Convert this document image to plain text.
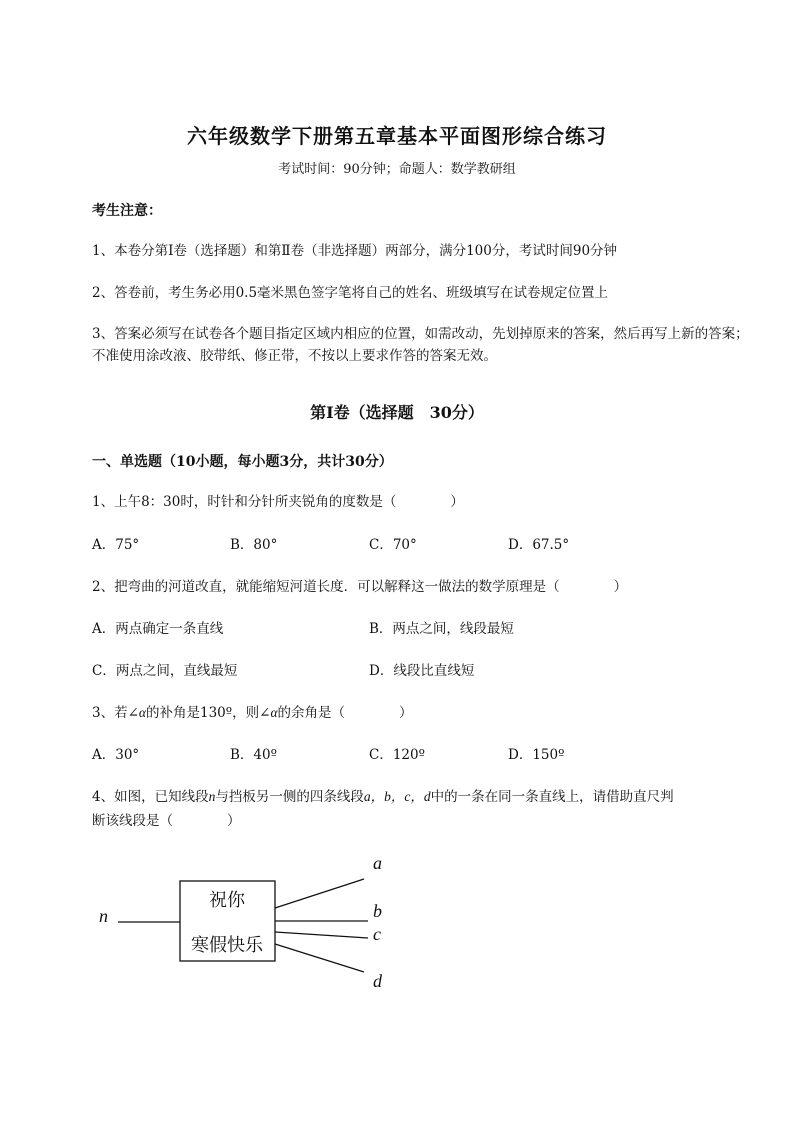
六年级数学下册第五章基本平面图形综合练习
考试时间：90分钟；命题人：数学教研组
考生注意：
1、本卷分第I卷（选择题）和第Ⅱ卷（非选择题）两部分，满分100分，考试时间90分钟
2、答卷前，考生务必用0.5毫米黑色签字笔将自己的姓名、班级填写在试卷规定位置上
3、答案必须写在试卷各个题目指定区域内相应的位置，如需改动，先划掉原来的答案，然后再写上新的答案；不准使用涂改液、胶带纸、修正带，不按以上要求作答的答案无效。
第I卷（选择题　30分）
一、单选题（10小题，每小题3分，共计30分）
1、上午8：30时，时针和分针所夹锐角的度数是（	）
A．75°	B．80°	C．70°	D．67.5°
2、把弯曲的河道改直，就能缩短河道长度．可以解释这一做法的数学原理是（	）
A．两点确定一条直线	B．两点之间，线段最短
C．两点之间，直线最短	D．线段比直线短
3、若∠α的补角是130º，则∠α的余角是（	）
A．30°	B．40º	C．120º	D．150º
4、如图，已知线段n与挡板另一侧的四条线段a，b，c，d中的一条在同一条直线上，请借助直尺判
断该线段是（	）
祝你
寒假快乐
n
a
b
c
d
